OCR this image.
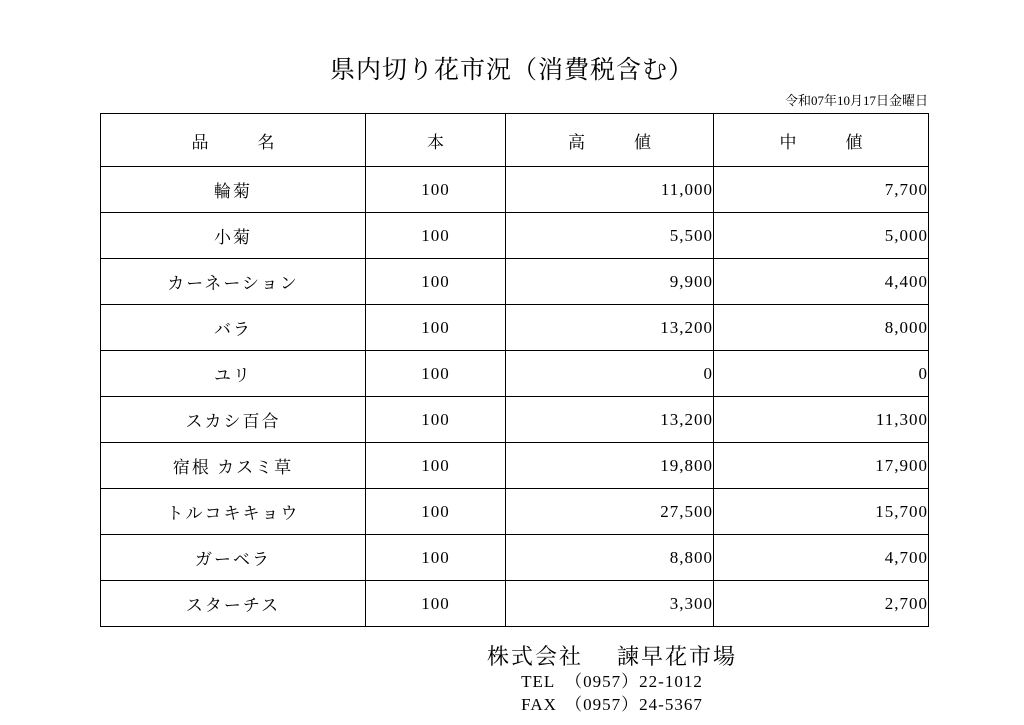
県内切り花市況（消費税含む）
令和07年10月17日金曜日
品　名	本	高　値	中　値

輪菊	100	11,000	7,700
小菊	100	5,500	5,000
カーネーション	100	9,900	4,400
バラ	100	13,200	8,000
ユリ	100	0	0
スカシ百合	100	13,200	11,300
宿根 カスミ草	100	19,800	17,900
トルコキキョウ	100	27,500	15,700
ガーベラ	100	8,800	4,700
スターチス	100	3,300	2,700
株式会社 諫早花市場
TEL （0957）22-1012
FAX （0957）24-5367
